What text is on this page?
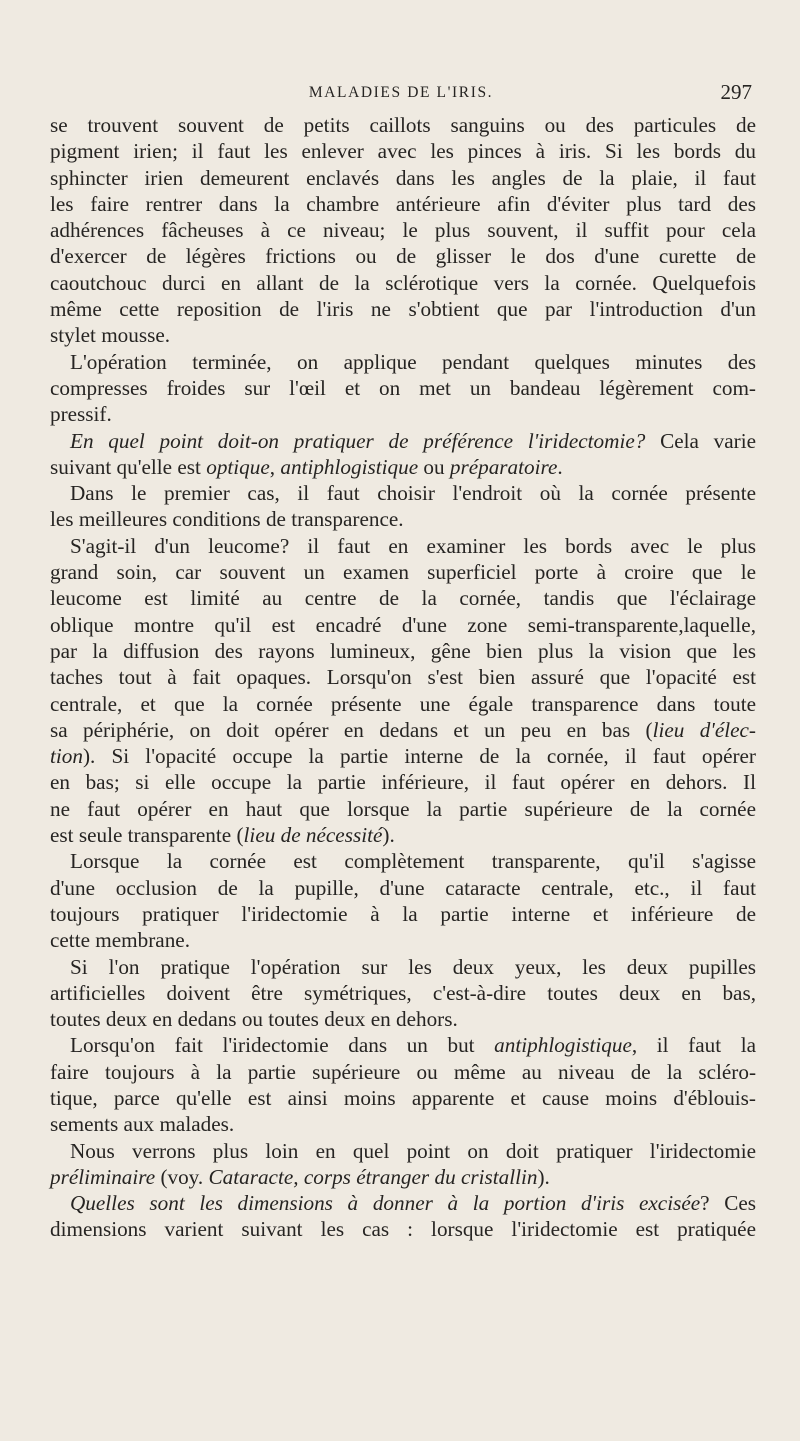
MALADIES DE L'IRIS.	297
se trouvent souvent de petits caillots sanguins ou des particules de
pigment irien; il faut les enlever avec les pinces à iris. Si les bords du
sphincter irien demeurent enclavés dans les angles de la plaie, il faut
les faire rentrer dans la chambre antérieure afin d'éviter plus tard des
adhérences fâcheuses à ce niveau; le plus souvent, il suffit pour cela
d'exercer de légères frictions ou de glisser le dos d'une curette de
caoutchouc durci en allant de la sclérotique vers la cornée. Quelquefois
même cette reposition de l'iris ne s'obtient que par l'introduction d'un
stylet mousse.
L'opération terminée, on applique pendant quelques minutes des
compresses froides sur l'œil et on met un bandeau légèrement com-
pressif.
En quel point doit-on pratiquer de préférence l'iridectomie? Cela varie
suivant qu'elle est optique, antiphlogistique ou préparatoire.
Dans le premier cas, il faut choisir l'endroit où la cornée présente
les meilleures conditions de transparence.
S'agit-il d'un leucome? il faut en examiner les bords avec le plus
grand soin, car souvent un examen superficiel porte à croire que le
leucome est limité au centre de la cornée, tandis que l'éclairage
oblique montre qu'il est encadré d'une zone semi-transparente,laquelle,
par la diffusion des rayons lumineux, gêne bien plus la vision que les
taches tout à fait opaques. Lorsqu'on s'est bien assuré que l'opacité est
centrale, et que la cornée présente une égale transparence dans toute
sa périphérie, on doit opérer en dedans et un peu en bas (lieu d'élec-
tion). Si l'opacité occupe la partie interne de la cornée, il faut opérer
en bas; si elle occupe la partie inférieure, il faut opérer en dehors. Il
ne faut opérer en haut que lorsque la partie supérieure de la cornée
est seule transparente (lieu de nécessité).
Lorsque la cornée est complètement transparente, qu'il s'agisse
d'une occlusion de la pupille, d'une cataracte centrale, etc., il faut
toujours pratiquer l'iridectomie à la partie interne et inférieure de
cette membrane.
Si l'on pratique l'opération sur les deux yeux, les deux pupilles
artificielles doivent être symétriques, c'est-à-dire toutes deux en bas,
toutes deux en dedans ou toutes deux en dehors.
Lorsqu'on fait l'iridectomie dans un but antiphlogistique, il faut la
faire toujours à la partie supérieure ou même au niveau de la scléro-
tique, parce qu'elle est ainsi moins apparente et cause moins d'éblouis-
sements aux malades.
Nous verrons plus loin en quel point on doit pratiquer l'iridectomie
préliminaire (voy. Cataracte, corps étranger du cristallin).
Quelles sont les dimensions à donner à la portion d'iris excisée? Ces
dimensions varient suivant les cas : lorsque l'iridectomie est pratiquée
